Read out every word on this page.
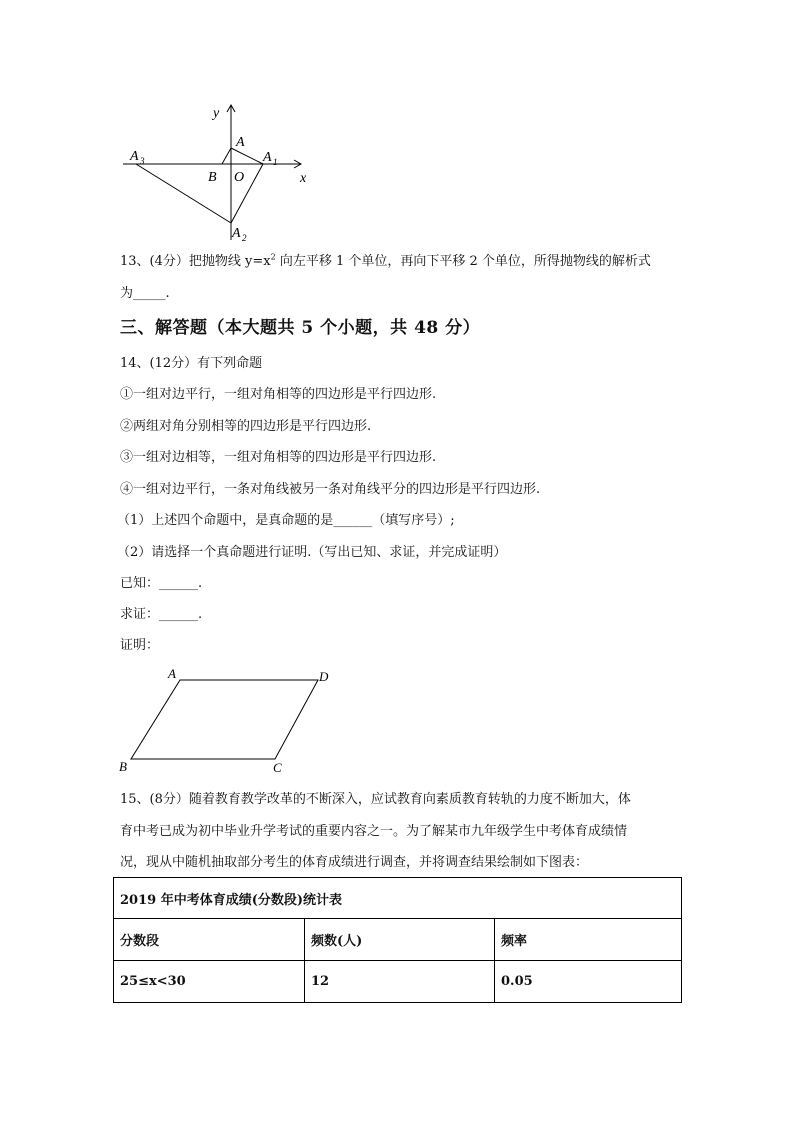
y
x
A
A 1
A 2
A 3
B O
13、(4分）把抛物线 $y=x^2$ 向左平移 1 个单位，再向下平移 2 个单位，所得抛物线的解析式
为_____.
三、解答题（本大题共 5 个小题，共 48 分）
14、(12分）有下列命题
①一组对边平行，一组对角相等的四边形是平行四边形.
②两组对角分别相等的四边形是平行四边形.
③一组对边相等，一组对角相等的四边形是平行四边形.
④一组对边平行，一条对角线被另一条对角线平分的四边形是平行四边形.
（1）上述四个命题中，是真命题的是______（填写序号）;
（2）请选择一个真命题进行证明.（写出已知、求证，并完成证明）
已知：______.
求证：______.
证明：
A	D
C
B
15、(8分）随着教育教学改革的不断深入，应试教育向素质教育转轨的力度不断加大，体
育中考已成为初中毕业升学考试的重要内容之一。为了解某市九年级学生中考体育成绩情
况，现从中随机抽取部分考生的体育成绩进行调查，并将调查结果绘制如下图表：
2019 年中考体育成绩(分数段)统计表		
分数段	频数(人)	频率
25≤x<30	12	0.05
